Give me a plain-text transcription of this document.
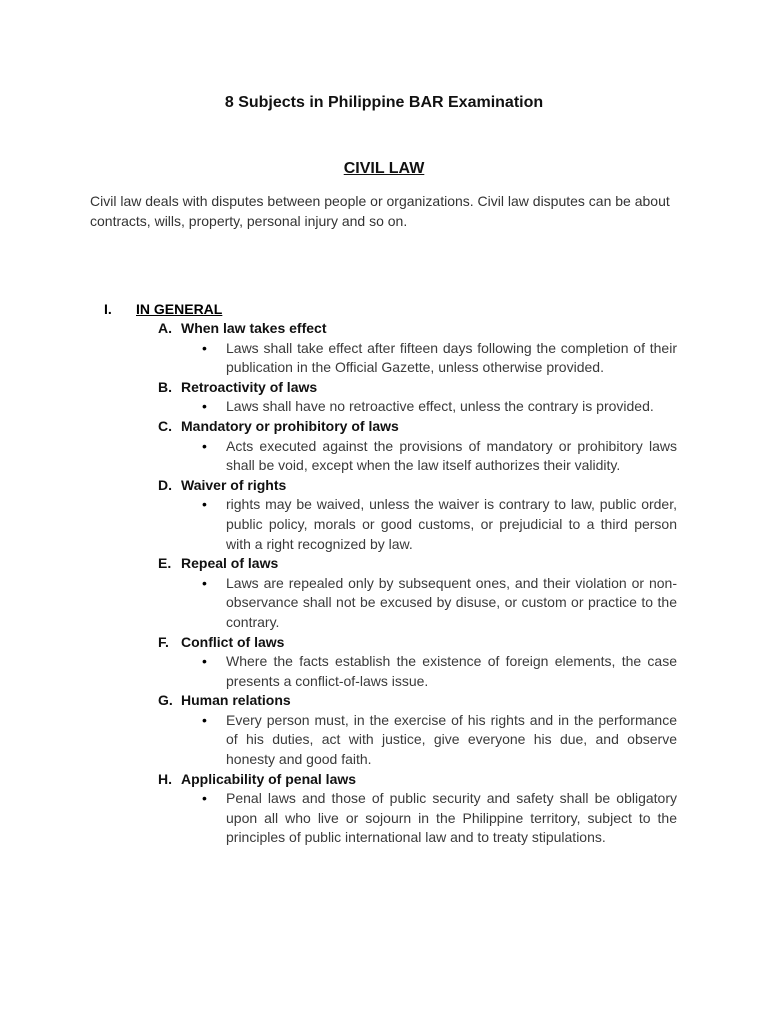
8 Subjects in Philippine BAR Examination
CIVIL LAW
Civil law deals with disputes between people or organizations. Civil law disputes can be about contracts, wills, property, personal injury and so on.
I. IN GENERAL
A. When law takes effect
• Laws shall take effect after fifteen days following the completion of their publication in the Official Gazette, unless otherwise provided.
B. Retroactivity of laws
• Laws shall have no retroactive effect, unless the contrary is provided.
C. Mandatory or prohibitory of laws
• Acts executed against the provisions of mandatory or prohibitory laws shall be void, except when the law itself authorizes their validity.
D. Waiver of rights
• rights may be waived, unless the waiver is contrary to law, public order, public policy, morals or good customs, or prejudicial to a third person with a right recognized by law.
E. Repeal of laws
• Laws are repealed only by subsequent ones, and their violation or non-observance shall not be excused by disuse, or custom or practice to the contrary.
F. Conflict of laws
• Where the facts establish the existence of foreign elements, the case presents a conflict-of-laws issue.
G. Human relations
• Every person must, in the exercise of his rights and in the performance of his duties, act with justice, give everyone his due, and observe honesty and good faith.
H. Applicability of penal laws
• Penal laws and those of public security and safety shall be obligatory upon all who live or sojourn in the Philippine territory, subject to the principles of public international law and to treaty stipulations.
